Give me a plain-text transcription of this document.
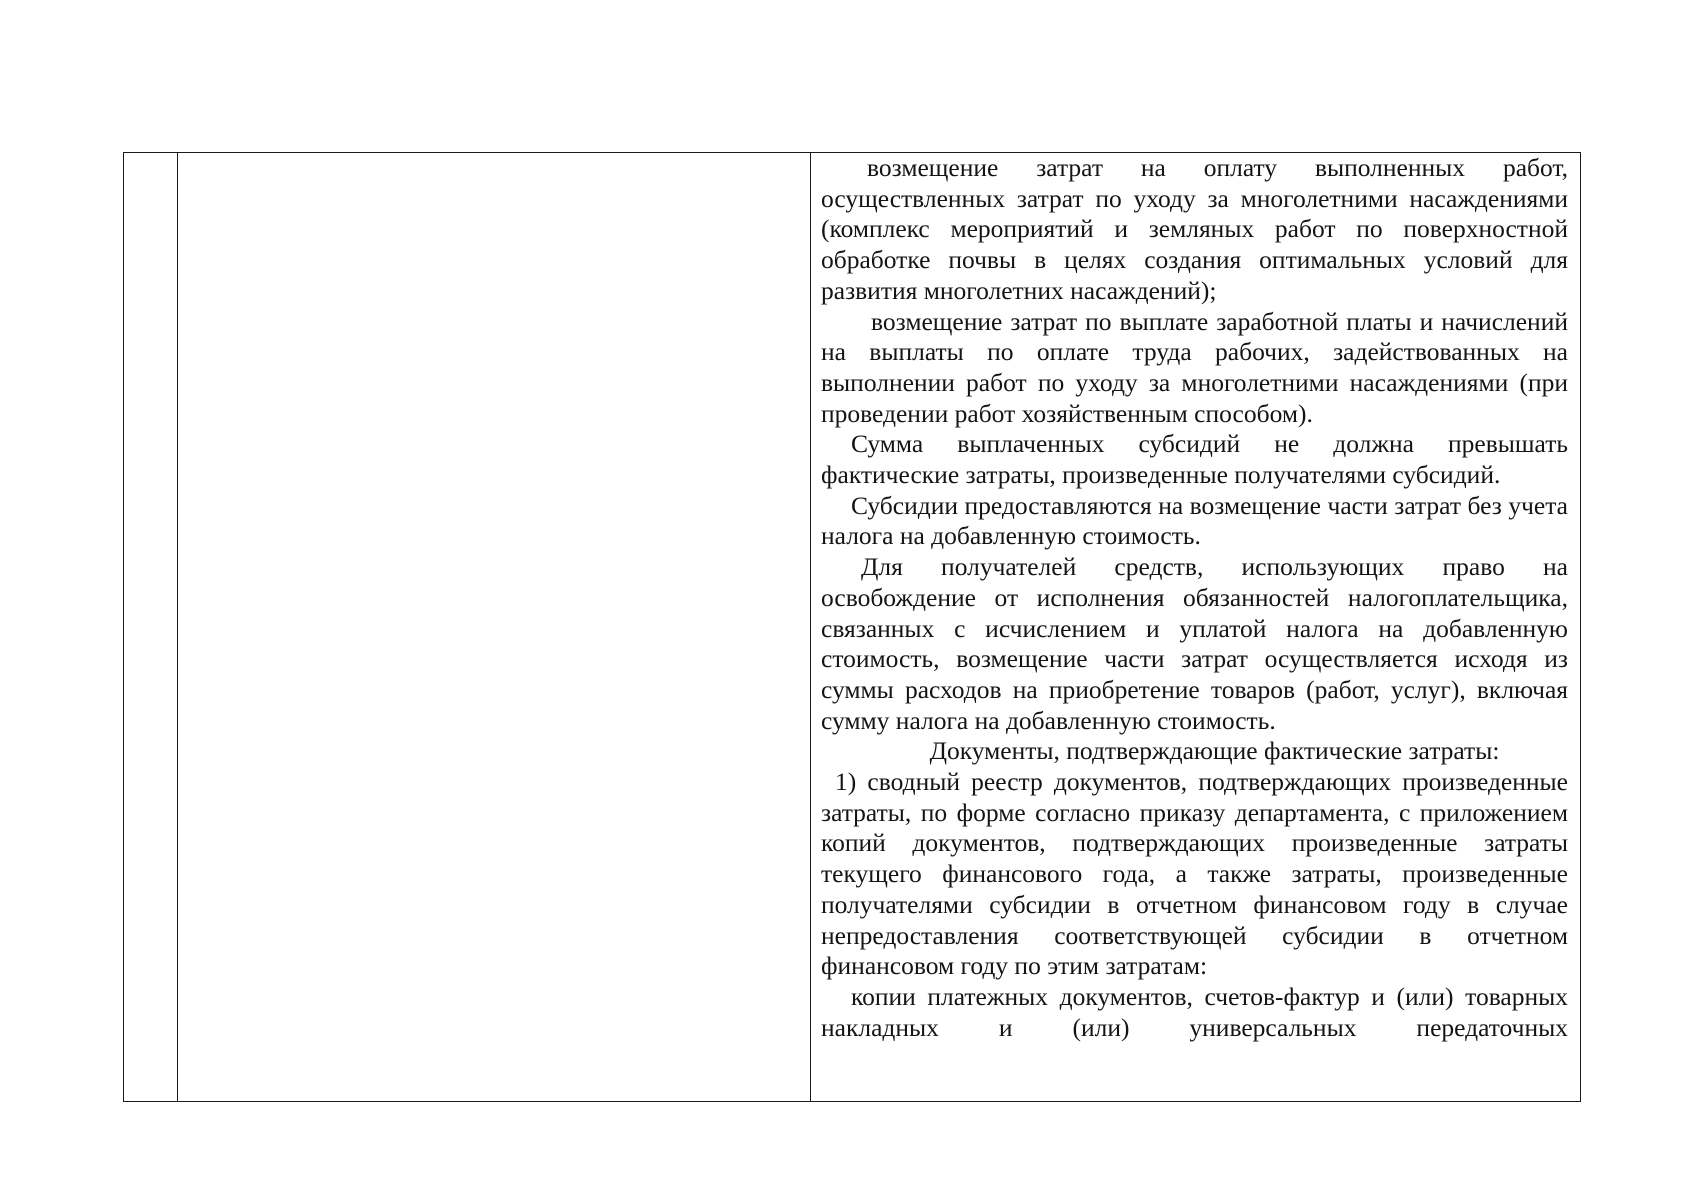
возмещение затрат на оплату выполненных работ, осуществленных затрат по уходу за многолетними насаждениями (комплекс мероприятий и земляных работ по поверхностной обработке почвы в целях создания оптимальных условий для развития многолетних насаждений);

возмещение затрат по выплате заработной платы и начислений на выплаты по оплате труда рабочих, задействованных на выполнении работ по уходу за многолетними насаждениями (при проведении работ хозяйственным способом).

Сумма выплаченных субсидий не должна превышать фактические затраты, произведенные получателями субсидий.

Субсидии предоставляются на возмещение части затрат без учета налога на добавленную стоимость.

Для получателей средств, использующих право на освобождение от исполнения обязанностей налогоплательщика, связанных с исчислением и уплатой налога на добавленную стоимость, возмещение части затрат осуществляется исходя из суммы расходов на приобретение товаров (работ, услуг), включая сумму налога на добавленную стоимость.

Документы, подтверждающие фактические затраты:

1) сводный реестр документов, подтверждающих произведенные затраты, по форме согласно приказу департамента, с приложением копий документов, подтверждающих произведенные затраты текущего финансового года, а также затраты, произведенные получателями субсидии в отчетном финансовом году в случае непредоставления соответствующей субсидии в отчетном финансовом году по этим затратам:

копии платежных документов, счетов-фактур и (или) товарных накладных и (или) универсальных передаточных
